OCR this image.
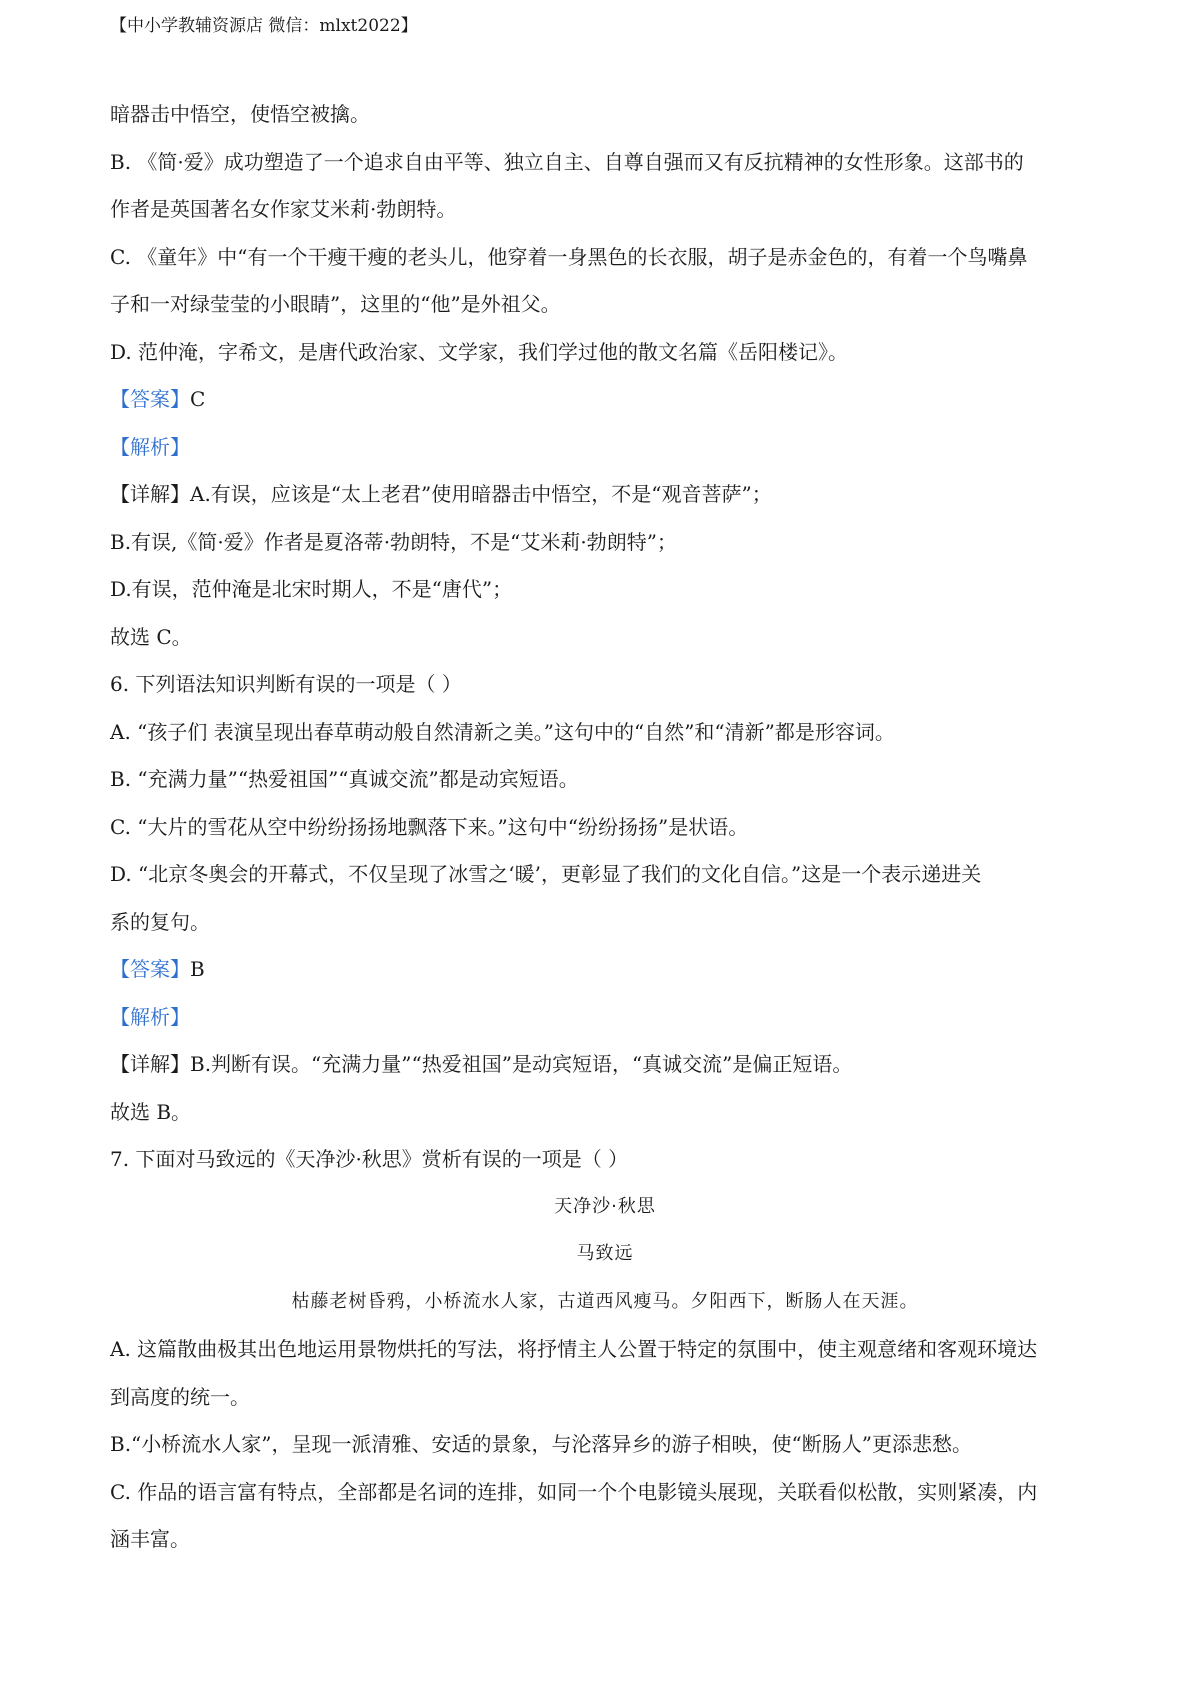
【中小学教辅资源店 微信：mlxt2022】
暗器击中悟空，使悟空被擒。
B. 《简·爱》成功塑造了一个追求自由平等、独立自主、自尊自强而又有反抗精神的女性形象。这部书的
作者是英国著名女作家艾米莉·勃朗特。
C. 《童年》中“有一个干瘦干瘦的老头儿，他穿着一身黑色的长衣服，胡子是赤金色的，有着一个鸟嘴鼻
子和一对绿莹莹的小眼睛”，这里的“他”是外祖父。
D. 范仲淹，字希文，是唐代政治家、文学家，我们学过他的散文名篇《岳阳楼记》。
【答案】C
【解析】
【详解】A.有误，应该是“太上老君”使用暗器击中悟空，不是“观音菩萨”；
B.有误,《简·爱》作者是夏洛蒂·勃朗特，不是“艾米莉·勃朗特”；
D.有误，范仲淹是北宋时期人，不是“唐代”；
故选 C。
6. 下列语法知识判断有误的一项是（ ）
A. “孩子们 表演呈现出春草萌动般自然清新之美。”这句中的“自然”和“清新”都是形容词。
B. “充满力量”“热爱祖国”“真诚交流”都是动宾短语。
C. “大片的雪花从空中纷纷扬扬地飘落下来。”这句中“纷纷扬扬”是状语。
D. “北京冬奥会的开幕式，不仅呈现了冰雪之‘暖’，更彰显了我们的文化自信。”这是一个表示递进关
系的复句。
【答案】B
【解析】
【详解】B.判断有误。“充满力量”“热爱祖国”是动宾短语，“真诚交流”是偏正短语。
故选 B。
7. 下面对马致远的《天净沙·秋思》赏析有误的一项是（ ）
天净沙·秋思
马致远
枯藤老树昏鸦，小桥流水人家，古道西风瘦马。夕阳西下，断肠人在天涯。
A. 这篇散曲极其出色地运用景物烘托的写法，将抒情主人公置于特定的氛围中，使主观意绪和客观环境达
到高度的统一。
B.“小桥流水人家”，呈现一派清雅、安适的景象，与沦落异乡的游子相映，使“断肠人”更添悲愁。
C. 作品的语言富有特点，全部都是名词的连排，如同一个个电影镜头展现，关联看似松散，实则紧凑，内
涵丰富。
